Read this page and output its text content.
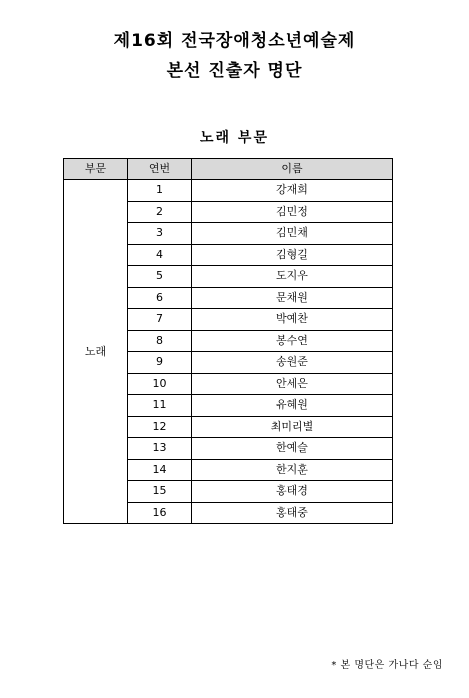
제16회 전국장애청소년예술제
본선 진출자 명단
노래 부문
부문	연번	이름
노래	1	강재희
	2	김민정
	3	김민채
	4	김형길
	5	도지우
	6	문채원
	7	박예찬
	8	봉수연
	9	송원준
	10	안세은
	11	유혜원
	12	최미리별
	13	한예슬
	14	한지훈
	15	홍태경
	16	홍태중
* 본 명단은 가나다 순임
